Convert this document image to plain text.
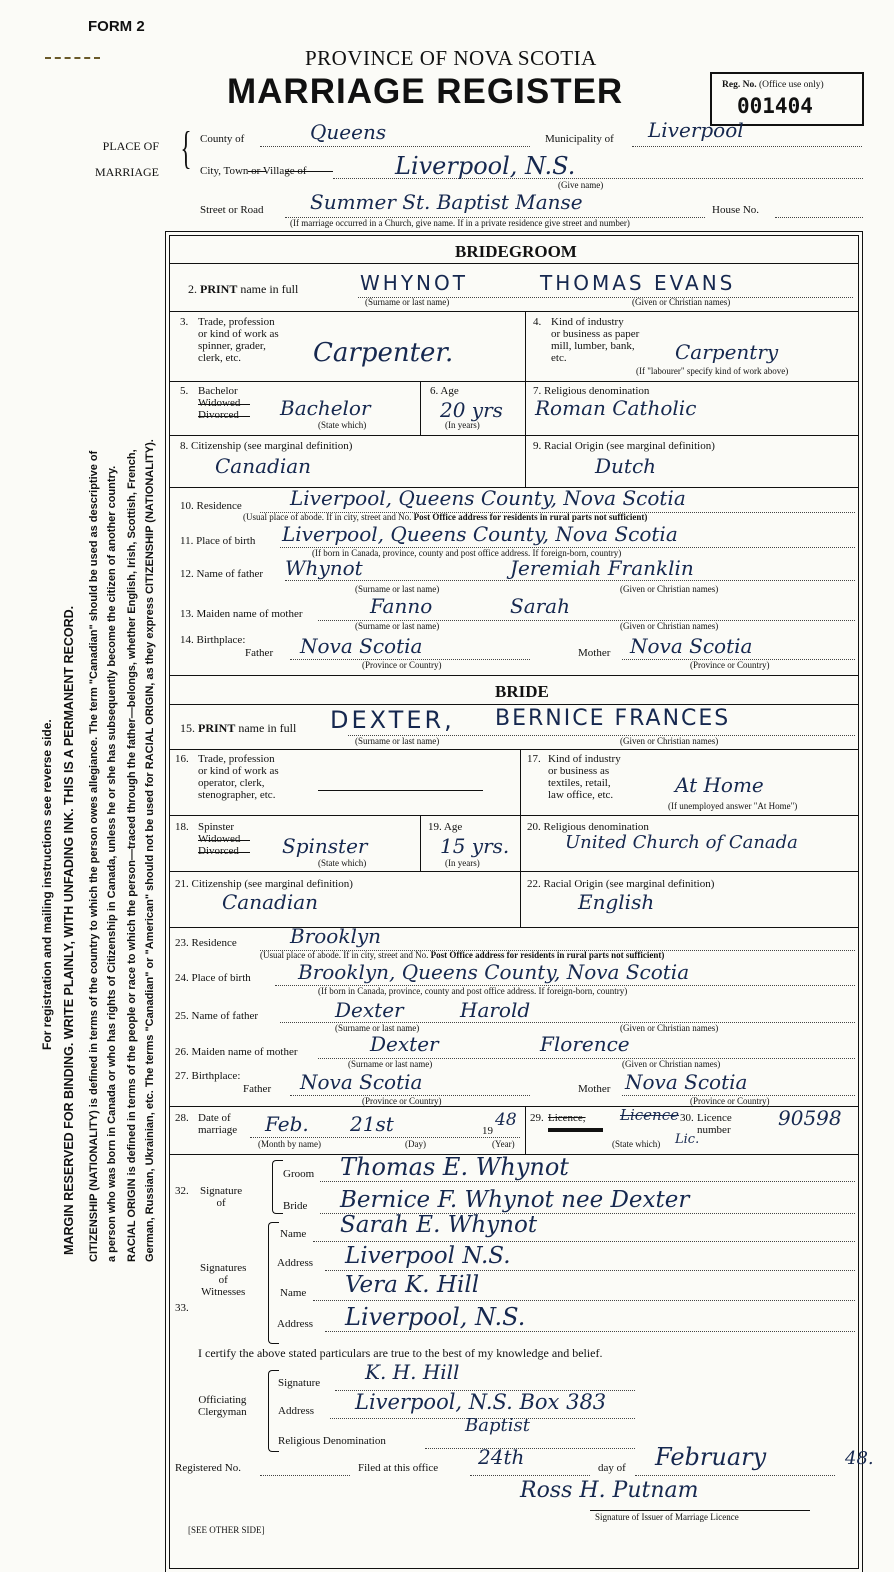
For registration and mailing instructions see reverse side. MARGIN RESERVED FOR BINDING. WRITE PLAINLY, WITH UNFADING INK. THIS IS A PERMANENT RECORD. CITIZENSHIP (NATIONALITY) is defined in terms of the country to which the person owes allegiance. The term "Canadian" should be used as descriptive of a person who was born in Canada or who has rights of Citizenship in Canada, unless he or she has subsequently become the citizen of another country. RACIAL ORIGIN is defined in terms of the people or race to which the person—traced through the father—belongs, whether English, Irish, Scottish, French, German, Russian, Ukrainian, etc. The terms "Canadian" or "American" should not be used for RACIAL ORIGIN, as they express CITIZENSHIP (NATIONALITY).
FORM 2
PROVINCE OF NOVA SCOTIA
MARRIAGE REGISTER	Reg. No. (Office use only)
001404
PLACE OF
MARRIAGE { County of	Queens	Municipality of Liverpool
City, Town or Village of	Liverpool, N.S.
(Give name)
Street or Road Summer St. Baptist Manse	House No.
(If marriage occurred in a Church, give name. If in a private residence give street and number)
BRIDEGROOM
2. PRINT name in full	WHYNOT	THOMAS EVANS
(Surname or last name)	(Given or Christian names)
3. Trade, profession
or kind of work as
spinner, grader,
clerk, etc.	Carpenter.
4. Kind of industry
or business as paper
mill, lumber, bank,
etc.	Carpentry
(If "labourer" specify kind of work above)
5. Bachelor
Widowed
Divorced Bachelor
(State which)
6. Age
20 yrs
(In years)
7. Religious denomination
Roman Catholic
8. Citizenship (see marginal definition)
Canadian
9. Racial Origin (see marginal definition)
Dutch
10. Residence Liverpool, Queens County, Nova Scotia
(Usual place of abode. If in city, street and No. Post Office address for residents in rural parts not sufficient)
11. Place of birth Liverpool, Queens County, Nova Scotia
(If born in Canada, province, county and post office address. If foreign-born, country)
12. Name of father Whynot	Jeremiah Franklin
(Surname or last name)	(Given or Christian names)
13. Maiden name of mother	Fanno	Sarah
(Surname or last name)	(Given or Christian names)
14. Birthplace:
Father Nova Scotia	Mother Nova Scotia
(Province or Country)	(Province or Country)
BRIDE
15. PRINT name in full DEXTER, BERNICE FRANCES
(Surname or last name)	(Given or Christian names)
16. Trade, profession
or kind of work as
operator, clerk,
stenographer, etc.
17. Kind of industry
or business as
textiles, retail,
law office, etc.	At Home
(If unemployed answer "At Home")
18. Spinster
Widowed
Divorced Spinster
(State which)
19. Age
15 yrs.
(In years)
20. Religious denomination
United Church of Canada
21. Citizenship (see marginal definition)
Canadian
22. Racial Origin (see marginal definition)
English
23. Residence	Brooklyn
(Usual place of abode. If in city, street and No. Post Office address for residents in rural parts not sufficient)
24. Place of birth Brooklyn, Queens County, Nova Scotia
(If born in Canada, province, county and post office address. If foreign-born, country)
25. Name of father	Dexter	Harold
(Surname or last name)	(Given or Christian names)
26. Maiden name of mother	Dexter	Florence
(Surname or last name)	(Given or Christian names)
27. Birthplace:
Father Nova Scotia	Mother Nova Scotia
(Province or Country)	(Province or Country)
28. Date of
marriage Feb. 21st	19
48
(Month by name)	(Day)	(Year)
29. Licence, Licence 30. Licence
number 90598
(State which) Lic.
32. Signature
of
Groom Thomas E. Whynot
Bride Bernice F. Whynot nee Dexter
33.
Signatures
of
Witnesses
Name Sarah E. Whynot
Address Liverpool N.S.
Name Vera K. Hill
Address Liverpool, N.S.
I certify the above stated particulars are true to the best of my knowledge and belief.
Officiating
Clergyman
Signature K. H. Hill
Address Liverpool, N.S. Box 383
Religious Denomination
Baptist
Registered No.	Filed at this office 24th	day of February	48.
Ross H. Putnam
Signature of Issuer of Marriage Licence
[SEE OTHER SIDE]
